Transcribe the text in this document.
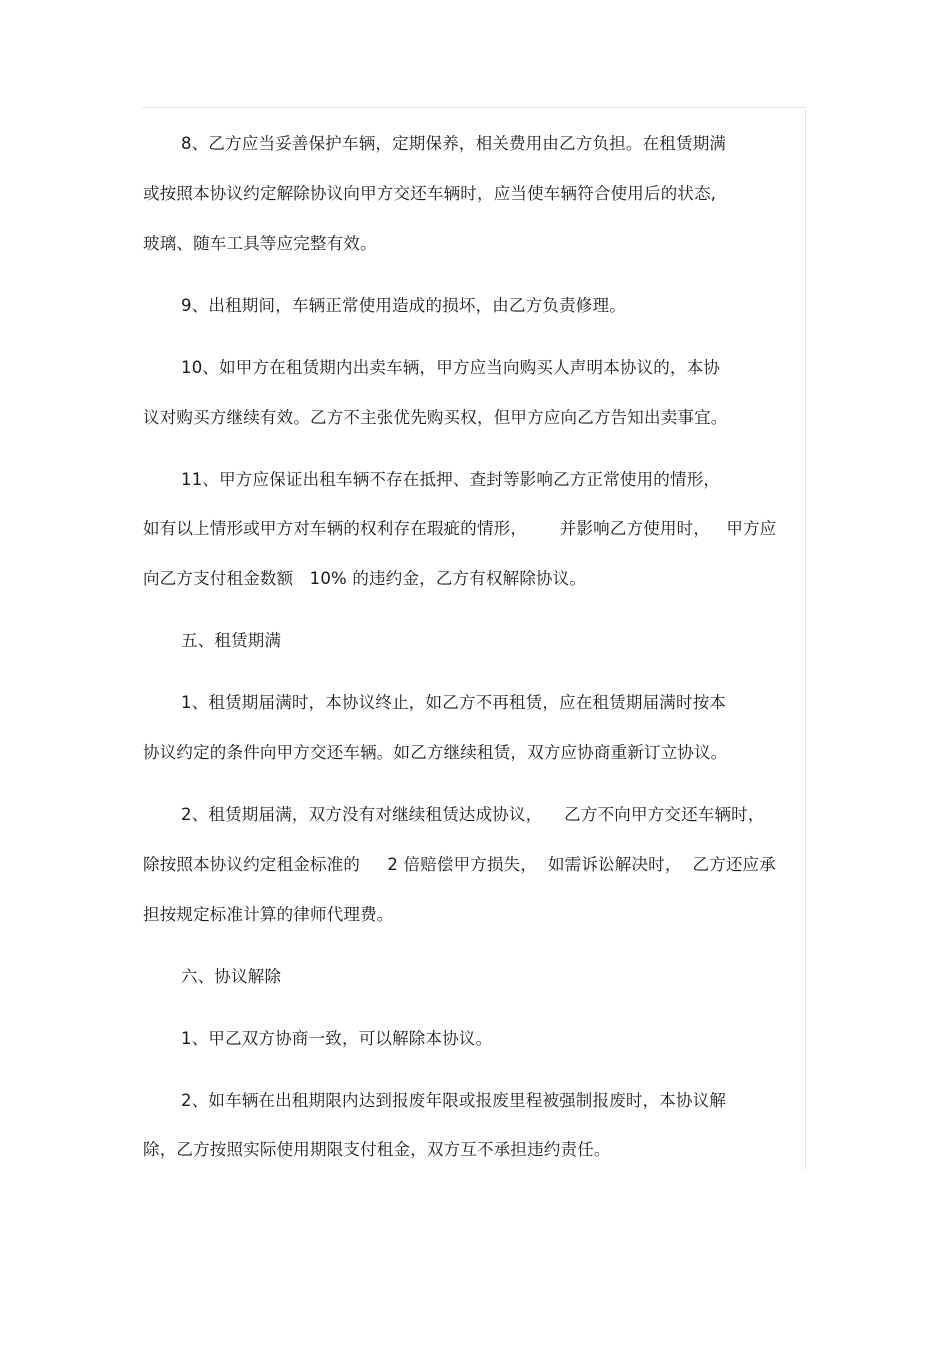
8、乙方应当妥善保护车辆，定期保养，相关费用由乙方负担。在租赁期满
或按照本协议约定解除协议向甲方交还车辆时，应当使车辆符合使用后的状态,
玻璃、随车工具等应完整有效。
9、出租期间，车辆正常使用造成的损坏，由乙方负责修理。
10、如甲方在租赁期内出卖车辆，甲方应当向购买人声明本协议的，本协
议对购买方继续有效。乙方不主张优先购买权，但甲方应向乙方告知出卖事宜。
11、甲方应保证出租车辆不存在抵押、查封等影响乙方正常使用的情形，
如有以上情形或甲方对车辆的权利存在瑕疵的情形，      并影响乙方使用时，   甲方应
向乙方支付租金数额   10% 的违约金，乙方有权解除协议。
五、租赁期满
1、租赁期届满时，本协议终止，如乙方不再租赁，应在租赁期届满时按本
协议约定的条件向甲方交还车辆。如乙方继续租赁，双方应协商重新订立协议。
2、租赁期届满，双方没有对继续租赁达成协议，    乙方不向甲方交还车辆时，
除按照本协议约定租金标准的     2 倍赔偿甲方损失，  如需诉讼解决时，  乙方还应承
担按规定标准计算的律师代理费。
六、协议解除
1、甲乙双方协商一致，可以解除本协议。
2、如车辆在出租期限内达到报废年限或报废里程被强制报废时，本协议解
除，乙方按照实际使用期限支付租金，双方互不承担违约责任。
